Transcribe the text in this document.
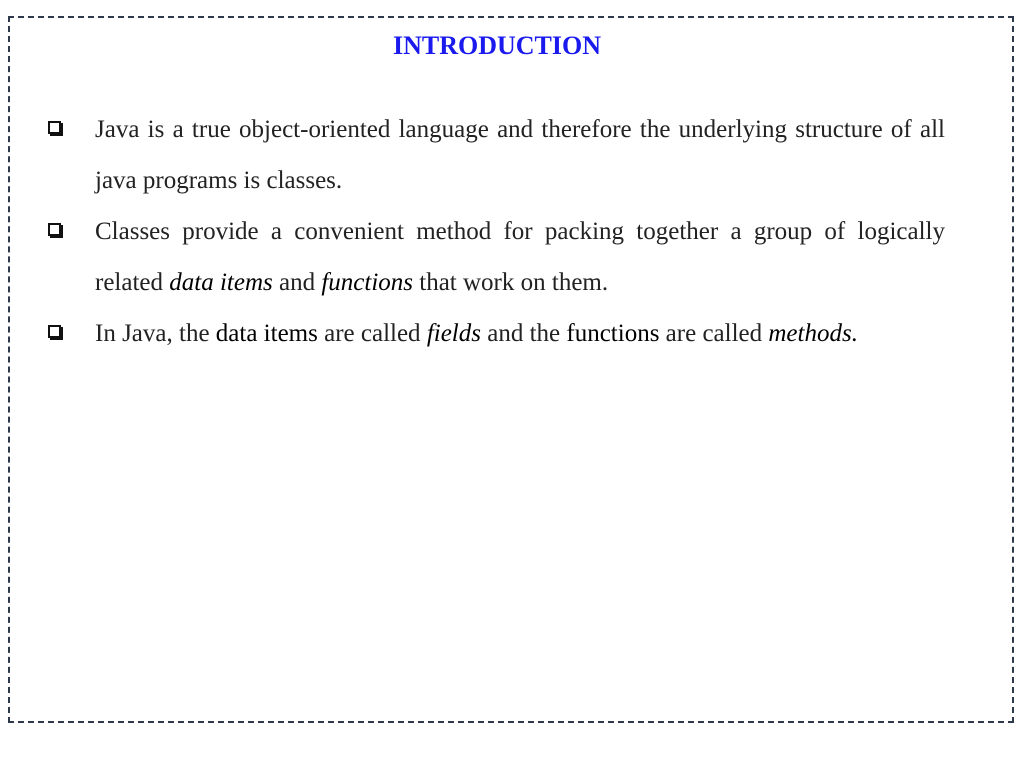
INTRODUCTION
Java is a true object-oriented language and therefore the underlying structure of all java programs is classes.
Classes provide a convenient method for packing together a group of logically related data items and functions that work on them.
In Java, the data items are called fields and the functions are called methods.
